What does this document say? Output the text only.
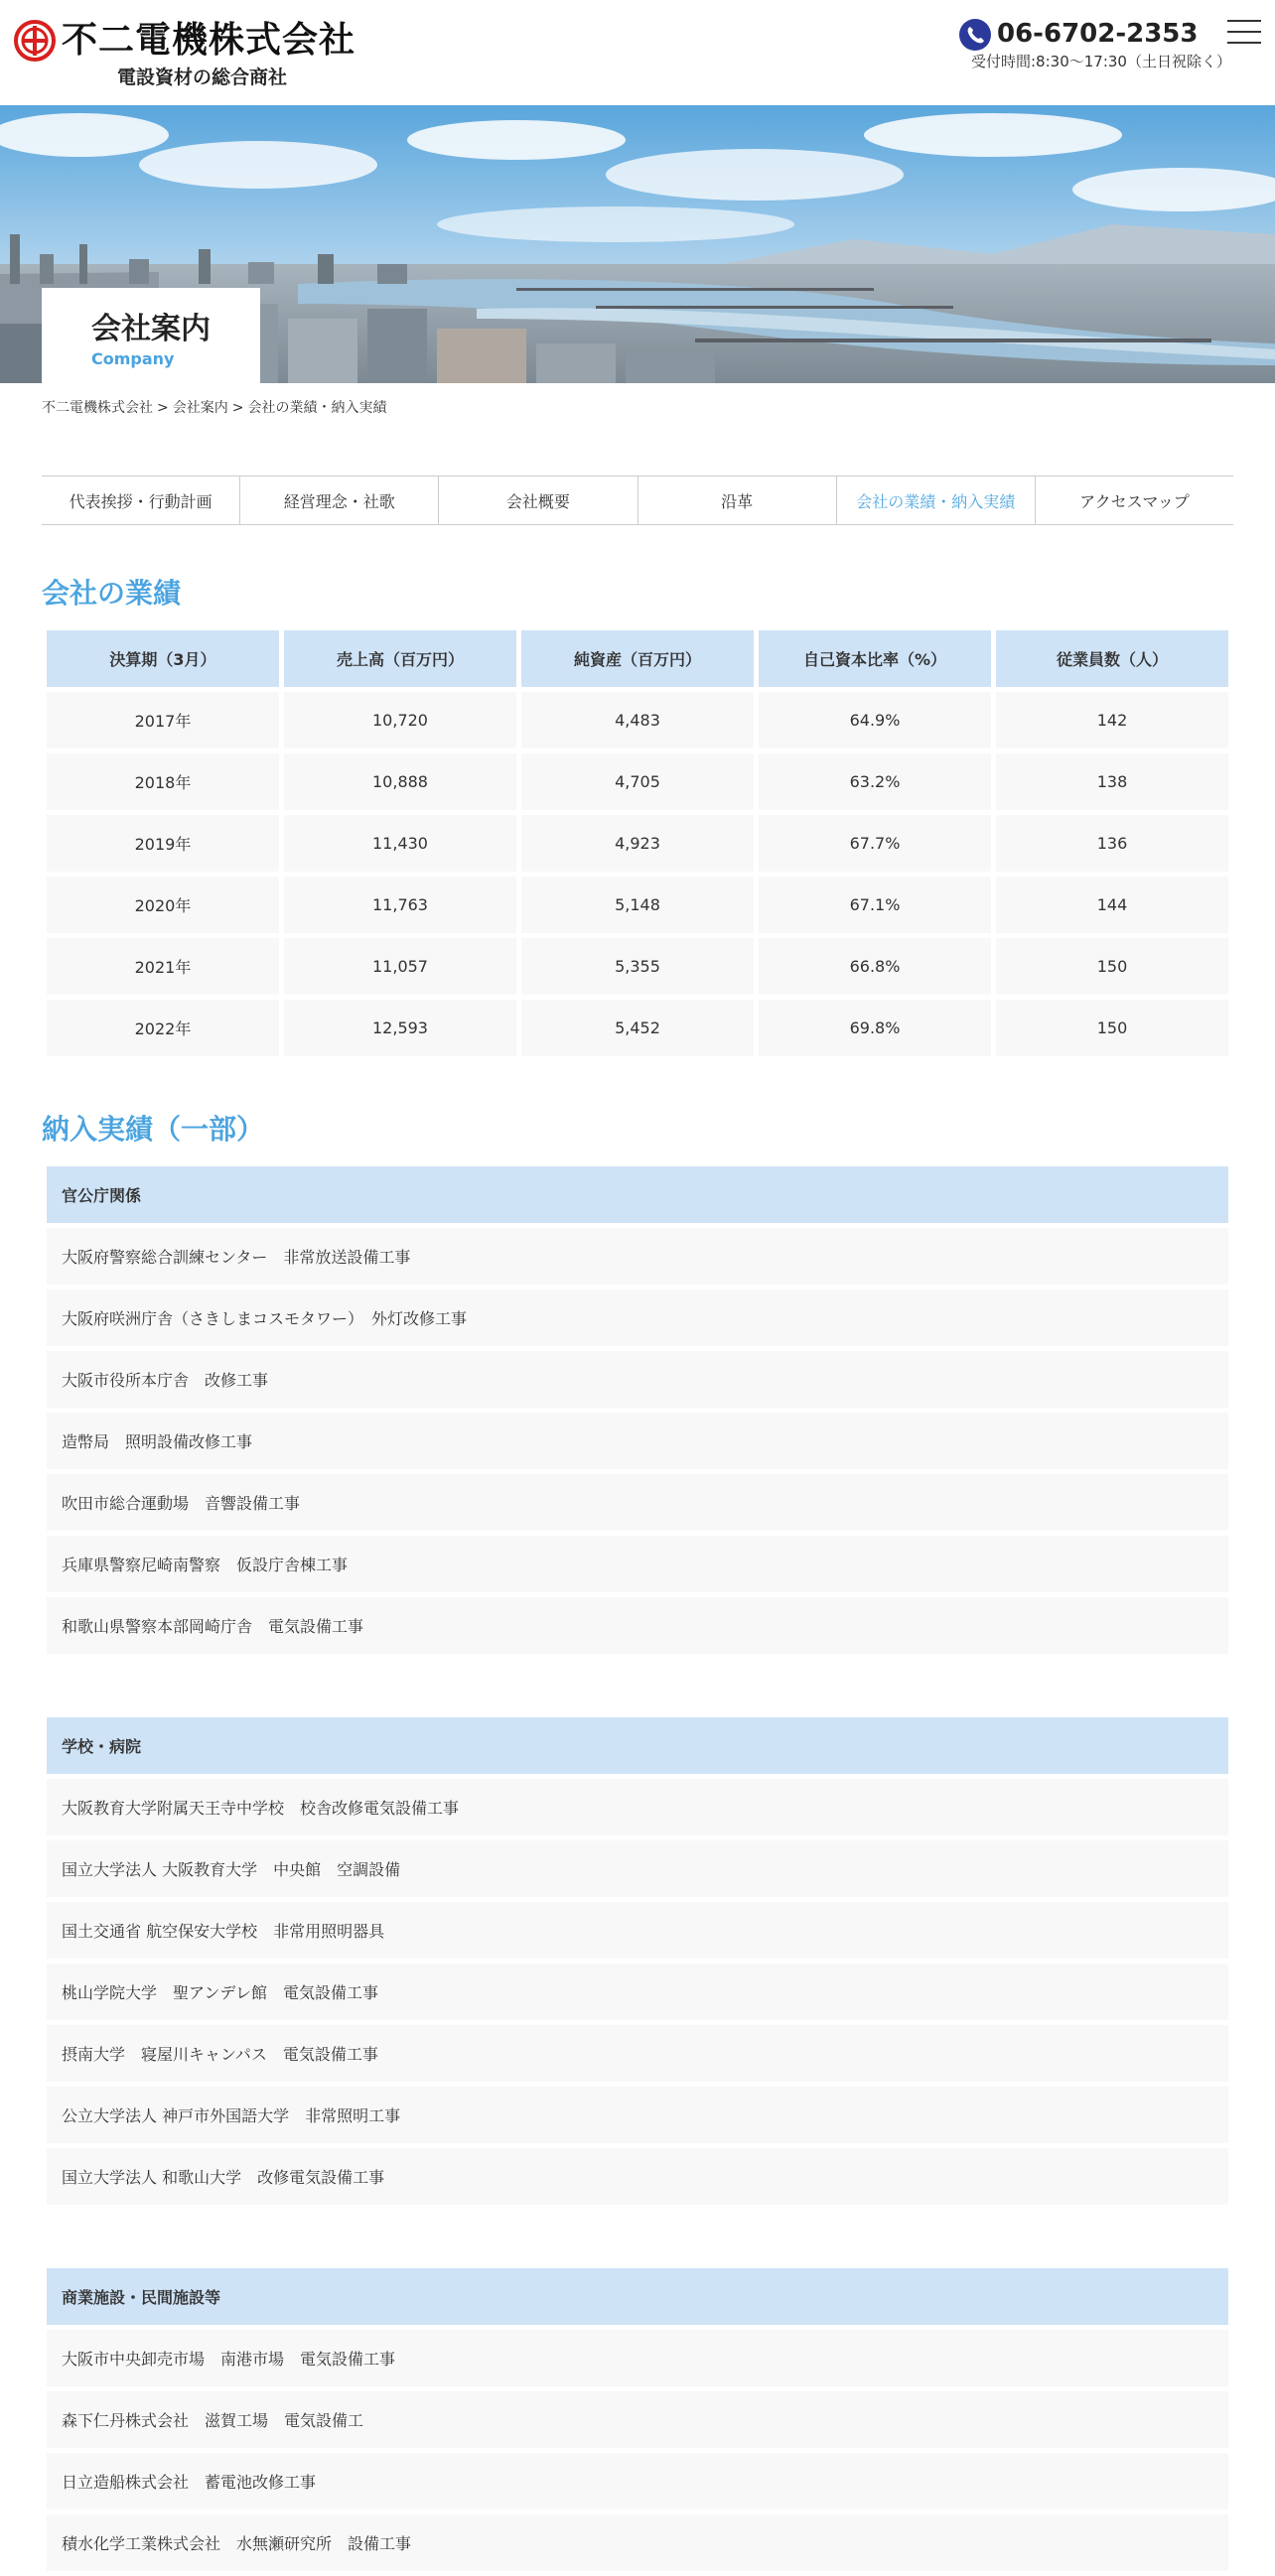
不二電機株式会社
電設資材の総合商社
06-6702-2353
受付時間:8:30〜17:30（土日祝除く）
会社案内
Company
不二電機株式会社 > 会社案内 > 会社の業績・納入実績
代表挨拶・行動計画	経営理念・社歌	会社概要	沿革	会社の業績・納入実績	アクセスマップ
会社の業績
決算期（3月）	売上高（百万円）	純資産（百万円）	自己資本比率（%）	従業員数（人）
2017年	10,720	4,483	64.9%	142
2018年	10,888	4,705	63.2%	138
2019年	11,430	4,923	67.7%	136
2020年	11,763	5,148	67.1%	144
2021年	11,057	5,355	66.8%	150
2022年	12,593	5,452	69.8%	150
納入実績（一部）
官公庁関係
大阪府警察総合訓練センター　非常放送設備工事
大阪府咲洲庁舎（さきしまコスモタワー）　外灯改修工事
大阪市役所本庁舎　改修工事
造幣局　照明設備改修工事
吹田市総合運動場　音響設備工事
兵庫県警察尼崎南警察　仮設庁舎棟工事
和歌山県警察本部岡崎庁舎　電気設備工事
学校・病院
大阪教育大学附属天王寺中学校　校舎改修電気設備工事
国立大学法人 大阪教育大学　中央館　空調設備
国土交通省 航空保安大学校　非常用照明器具
桃山学院大学　聖アンデレ館　電気設備工事
摂南大学　寝屋川キャンパス　電気設備工事
公立大学法人 神戸市外国語大学　非常照明工事
国立大学法人 和歌山大学　改修電気設備工事
商業施設・民間施設等
大阪市中央卸売市場　南港市場　電気設備工事
森下仁丹株式会社　滋賀工場　電気設備工
日立造船株式会社　蓄電池改修工事
積水化学工業株式会社　水無瀬研究所　設備工事
